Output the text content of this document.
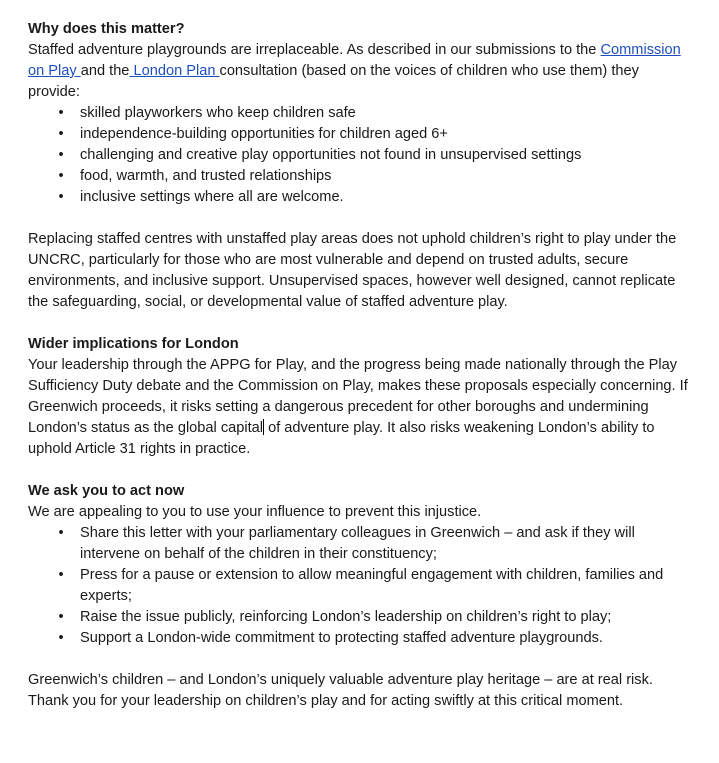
Why does this matter?

Staffed adventure playgrounds are irreplaceable. As described in our submissions to the Commission on Play and the London Plan consultation (based on the voices of children who use them) they provide:

• skilled playworkers who keep children safe
• independence-building opportunities for children aged 6+
• challenging and creative play opportunities not found in unsupervised settings
• food, warmth, and trusted relationships
• inclusive settings where all are welcome.

Replacing staffed centres with unstaffed play areas does not uphold children’s right to play under the UNCRC, particularly for those who are most vulnerable and depend on trusted adults, secure environments, and inclusive support. Unsupervised spaces, however well designed, cannot replicate the safeguarding, social, or developmental value of staffed adventure play.

Wider implications for London

Your leadership through the APPG for Play, and the progress being made nationally through the Play Sufficiency Duty debate and the Commission on Play, makes these proposals especially concerning. If Greenwich proceeds, it risks setting a dangerous precedent for other boroughs and undermining London’s status as the global capital of adventure play. It also risks weakening London’s ability to uphold Article 31 rights in practice.

We ask you to act now

We are appealing to you to use your influence to prevent this injustice.

• Share this letter with your parliamentary colleagues in Greenwich – and ask if they will intervene on behalf of the children in their constituency;
• Press for a pause or extension to allow meaningful engagement with children, families and experts;
• Raise the issue publicly, reinforcing London’s leadership on children’s right to play;
• Support a London-wide commitment to protecting staffed adventure playgrounds.

Greenwich’s children – and London’s uniquely valuable adventure play heritage – are at real risk. Thank you for your leadership on children’s play and for acting swiftly at this critical moment.
